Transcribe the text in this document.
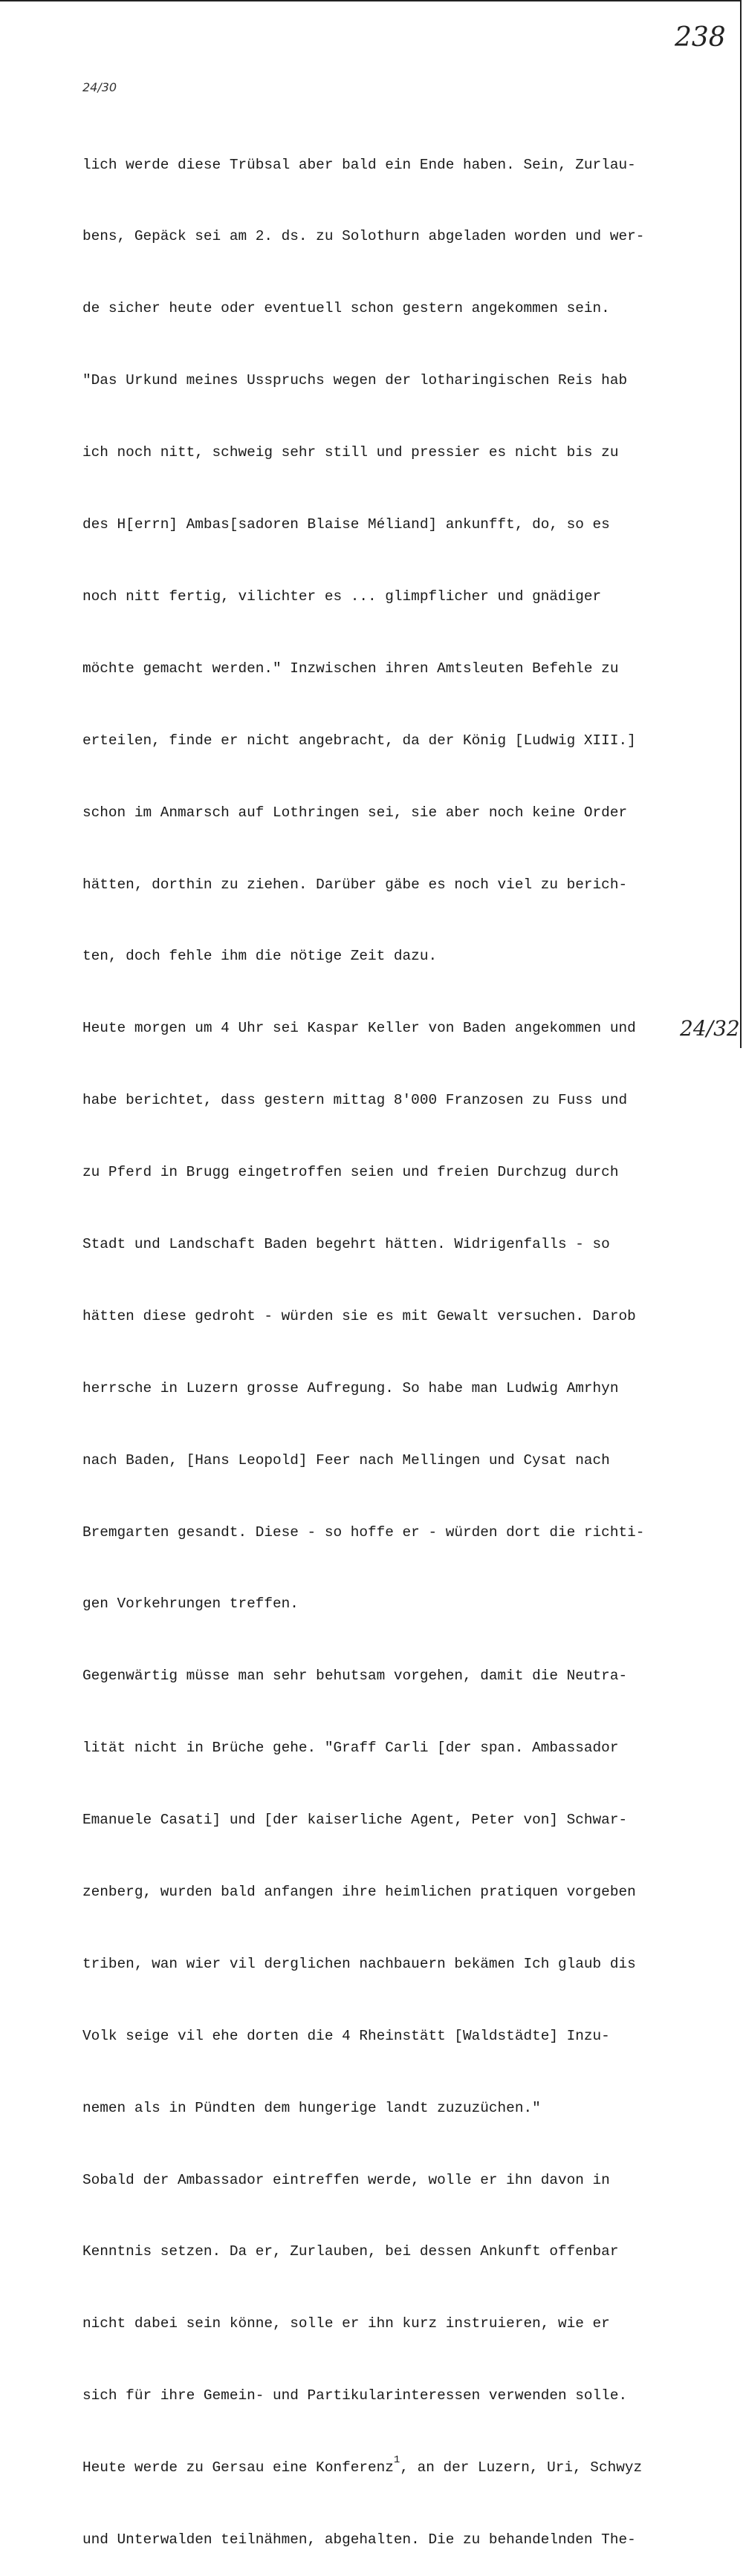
238
24/30

lich werde diese Trübsal aber bald ein Ende haben. Sein, Zurlau-

bens, Gepäck sei am 2. ds. zu Solothurn abgeladen worden und wer-

de sicher heute oder eventuell schon gestern angekommen sein.

"Das Urkund meines Usspruchs wegen der lotharingischen Reis hab

ich noch nitt, schweig sehr still und pressier es nicht bis zu

des H[errn] Ambas[sadoren Blaise Méliand] ankunfft, do, so es

noch nitt fertig, vilichter es ... glimpflicher und gnädiger

möchte gemacht werden." Inzwischen ihren Amtsleuten Befehle zu

erteilen, finde er nicht angebracht, da der König [Ludwig XIII.]

schon im Anmarsch auf Lothringen sei, sie aber noch keine Order

hätten, dorthin zu ziehen. Darüber gäbe es noch viel zu berich-

ten, doch fehle ihm die nötige Zeit dazu.

Heute morgen um 4 Uhr sei Kaspar Keller von Baden angekommen und

habe berichtet, dass gestern mittag 8'000 Franzosen zu Fuss und

zu Pferd in Brugg eingetroffen seien und freien Durchzug durch

Stadt und Landschaft Baden begehrt hätten. Widrigenfalls - so

hätten diese gedroht - würden sie es mit Gewalt versuchen. Darob

herrsche in Luzern grosse Aufregung. So habe man Ludwig Amrhyn

nach Baden, [Hans Leopold] Feer nach Mellingen und Cysat nach

Bremgarten gesandt. Diese - so hoffe er - würden dort die richti-

gen Vorkehrungen treffen.

Gegenwärtig müsse man sehr behutsam vorgehen, damit die Neutra-

lität nicht in Brüche gehe. "Graff Carli [der span. Ambassador

Emanuele Casati] und [der kaiserliche Agent, Peter von] Schwar-

zenberg, wurden bald anfangen ihre heimlichen pratiquen vorgeben

triben, wan wier vil derglichen nachbauern bekämen Ich glaub dis

Volk seige vil ehe dorten die 4 Rheinstätt [Waldstädte] Inzu-

nemen als in Pündten dem hungerige landt zuzuzüchen."

Sobald der Ambassador eintreffen werde, wolle er ihn davon in

Kenntnis setzen. Da er, Zurlauben, bei dessen Ankunft offenbar

nicht dabei sein könne, solle er ihn kurz instruieren, wie er

sich für ihre Gemein- und Partikularinteressen verwenden solle.

Heute werde zu Gersau eine Konferenz$^1$, an der Luzern, Uri, Schwyz

und Unterwalden teilnähmen, abgehalten. Die zu behandelnden The-

24/32
